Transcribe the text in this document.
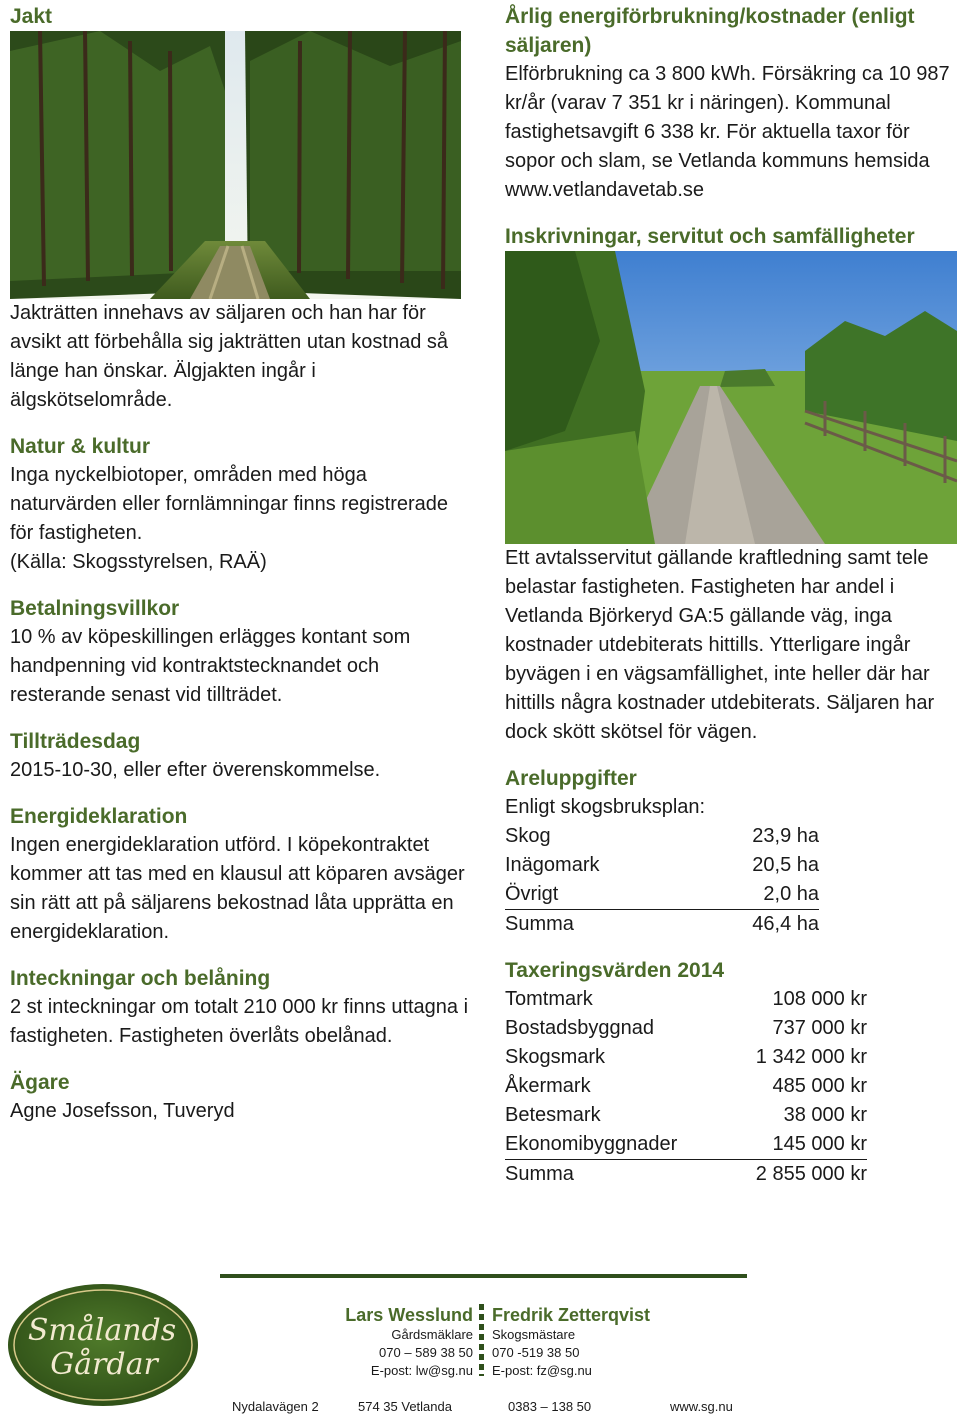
Jakt

Jakträtten innehavs av säljaren och han har för avsikt att förbehålla sig jakträtten utan kostnad så länge han önskar. Älgjakten ingår i älgskötselområde.

Natur & kultur

Inga nyckelbiotoper, områden med höga naturvärden eller fornlämningar finns registrerade för fastigheten.

(Källa: Skogsstyrelsen, RAÄ)

Betalningsvillkor

10 % av köpeskillingen erlägges kontant som handpenning vid kontraktstecknandet och resterande senast vid tillträdet.

Tillträdesdag

2015-10-30, eller efter överenskommelse.

Energideklaration

Ingen energideklaration utförd. I köpekontraktet kommer att tas med en klausul att köparen avsäger sin rätt att på säljarens bekostnad låta upprätta en energideklaration.

Inteckningar och belåning

2 st inteckningar om totalt 210 000 kr finns uttagna i fastigheten. Fastigheten överlåts obelånad.

Ägare

Agne Josefsson, Tuveryd

Årlig energiförbrukning/kostnader (enligt säljaren)

Elförbrukning ca 3 800 kWh. Försäkring ca 10 987 kr/år (varav 7 351 kr i näringen). Kommunal fastighetsavgift 6 338 kr. För aktuella taxor för sopor och slam, se Vetlanda kommuns hemsida www.vetlandavetab.se

Inskrivningar, servitut och samfälligheter

Ett avtalsservitut gällande kraftledning samt tele belastar fastigheten. Fastigheten har andel i Vetlanda Björkeryd GA:5 gällande väg, inga kostnader utdebiterats hittills. Ytterligare ingår byvägen i en vägsamfällighet, inte heller där har hittills några kostnader utdebiterats. Säljaren har dock skött skötsel för vägen.

Areluppgifter

Enligt skogsbruksplan:

Skog	23,9 ha
Inägomark	20,5 ha
Övrigt	2,0 ha
Summa	46,4 ha

Taxeringsvärden 2014

Tomtmark	108 000 kr
Bostadsbyggnad	737 000 kr
Skogsmark	1 342 000 kr
Åkermark	485 000 kr
Betesmark	38 000 kr
Ekonomibyggnader	145 000 kr
Summa	2 855 000 kr
Smålands
Gårdar
Lars Wesslund
Gårdsmäklare
070 – 589 38 50
E-post: lw@sg.nu
Fredrik Zetterqvist
Skogsmästare
070 -519 38 50
E-post: fz@sg.nu
Nydalavägen 2	574 35 Vetlanda	0383 – 138 50	www.sg.nu
